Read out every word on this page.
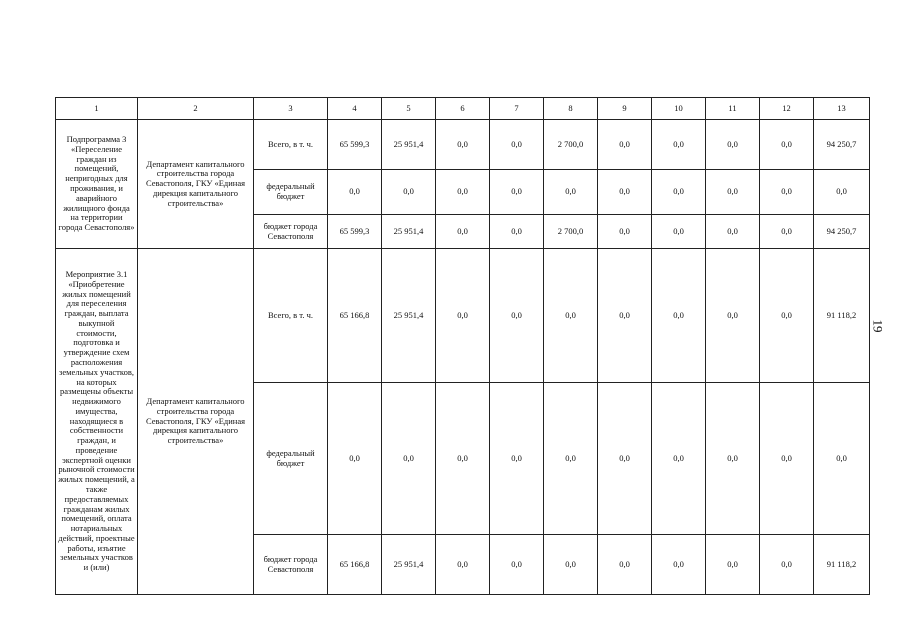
1	2	3	4	5	6	7	8	9	10	11	12	13
Подпрограмма 3 «Переселение граждан из помещений, непригодных для проживания, и аварийного жилищного фонда на территории города Севастополя»	Департамент капитального строительства города Севастополя, ГКУ «Единая дирекция капитального строительства»	Всего, в т. ч.	65 599,3	25 951,4	0,0	0,0	2 700,0	0,0	0,0	0,0	0,0	94 250,7
		федеральный бюджет	0,0	0,0	0,0	0,0	0,0	0,0	0,0	0,0	0,0	0,0
		бюджет города Севастополя	65 599,3	25 951,4	0,0	0,0	2 700,0	0,0	0,0	0,0	0,0	94 250,7
Мероприятие 3.1 «Приобретение жилых помещений для переселения граждан, выплата выкупной стоимости, подготовка и утверждение схем расположения земельных участков, на которых размещены объекты недвижимого имущества, находящиеся в собственности граждан, и проведение экспертной оценки рыночной стоимости жилых помещений, а также предоставляемых гражданам жилых помещений, оплата нотариальных действий, проектные работы, изъятие земельных участков и (или)	Департамент капитального строительства города Севастополя, ГКУ «Единая дирекция капитального строительства»	Всего, в т. ч.	65 166,8	25 951,4	0,0	0,0	0,0	0,0	0,0	0,0	0,0	91 118,2
		федеральный бюджет	0,0	0,0	0,0	0,0	0,0	0,0	0,0	0,0	0,0	0,0
		бюджет города Севастополя	65 166,8	25 951,4	0,0	0,0	0,0	0,0	0,0	0,0	0,0	91 118,2
19
